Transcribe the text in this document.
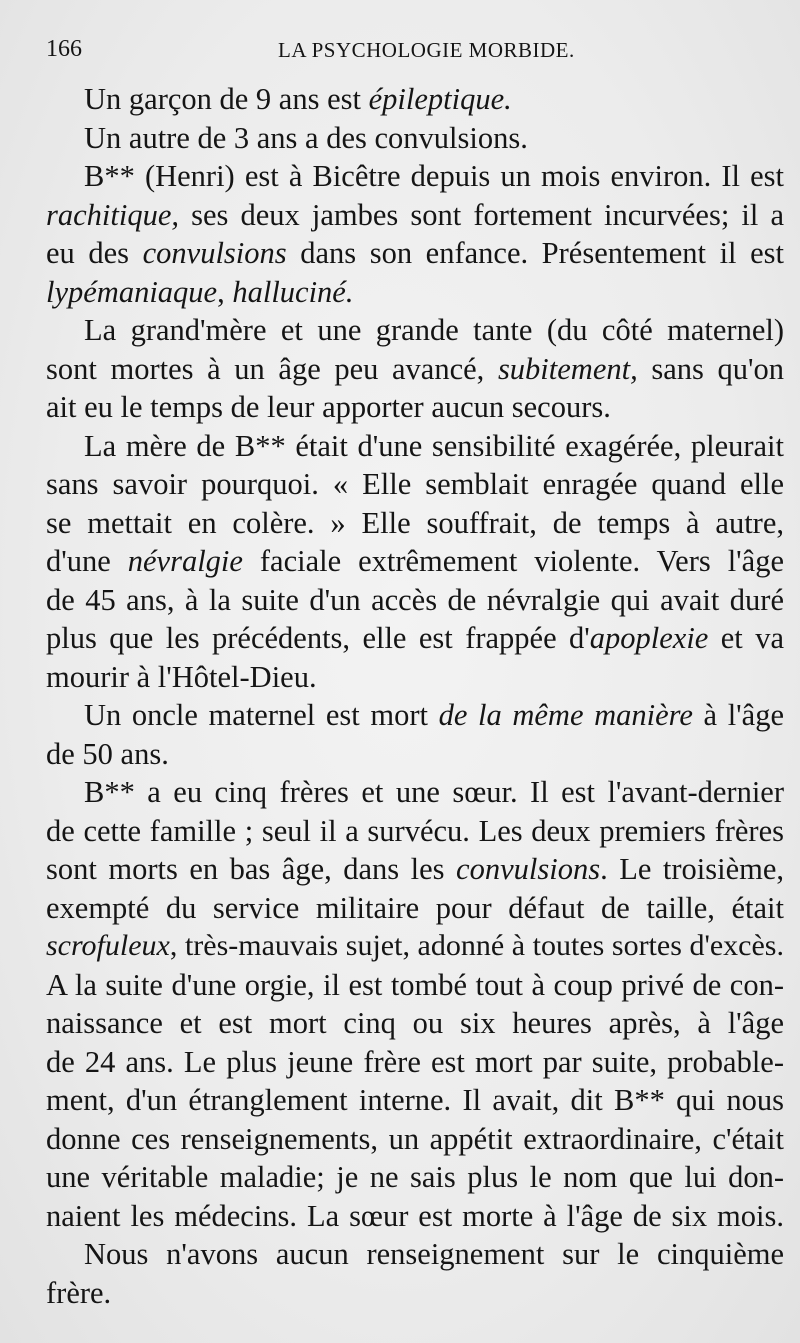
166	LA PSYCHOLOGIE MORBIDE.

Un garçon de 9 ans est épileptique.

Un autre de 3 ans a des convulsions.

B** (Henri) est à Bicêtre depuis un mois environ. Il est
rachitique, ses deux jambes sont fortement incurvées; il a
eu des convulsions dans son enfance. Présentement il est
lypémaniaque, halluciné.

La grand'mère et une grande tante (du côté maternel)
sont mortes à un âge peu avancé, subitement, sans qu'on
ait eu le temps de leur apporter aucun secours.

La mère de B** était d'une sensibilité exagérée, pleurait
sans savoir pourquoi. « Elle semblait enragée quand elle
se mettait en colère. » Elle souffrait, de temps à autre,
d'une névralgie faciale extrêmement violente. Vers l'âge
de 45 ans, à la suite d'un accès de névralgie qui avait duré
plus que les précédents, elle est frappée d'apoplexie et va
mourir à l'Hôtel-Dieu.

Un oncle maternel est mort de la même manière à l'âge
de 50 ans.

B** a eu cinq frères et une sœur. Il est l'avant-dernier
de cette famille ; seul il a survécu. Les deux premiers frères
sont morts en bas âge, dans les convulsions. Le troisième,
exempté du service militaire pour défaut de taille, était
scrofuleux, très-mauvais sujet, adonné à toutes sortes d'excès.
A la suite d'une orgie, il est tombé tout à coup privé de con-
naissance et est mort cinq ou six heures après, à l'âge
de 24 ans. Le plus jeune frère est mort par suite, probable-
ment, d'un étranglement interne. Il avait, dit B** qui nous
donne ces renseignements, un appétit extraordinaire, c'était
une véritable maladie; je ne sais plus le nom que lui don-
naient les médecins. La sœur est morte à l'âge de six mois.

Nous n'avons aucun renseignement sur le cinquième
frère.
